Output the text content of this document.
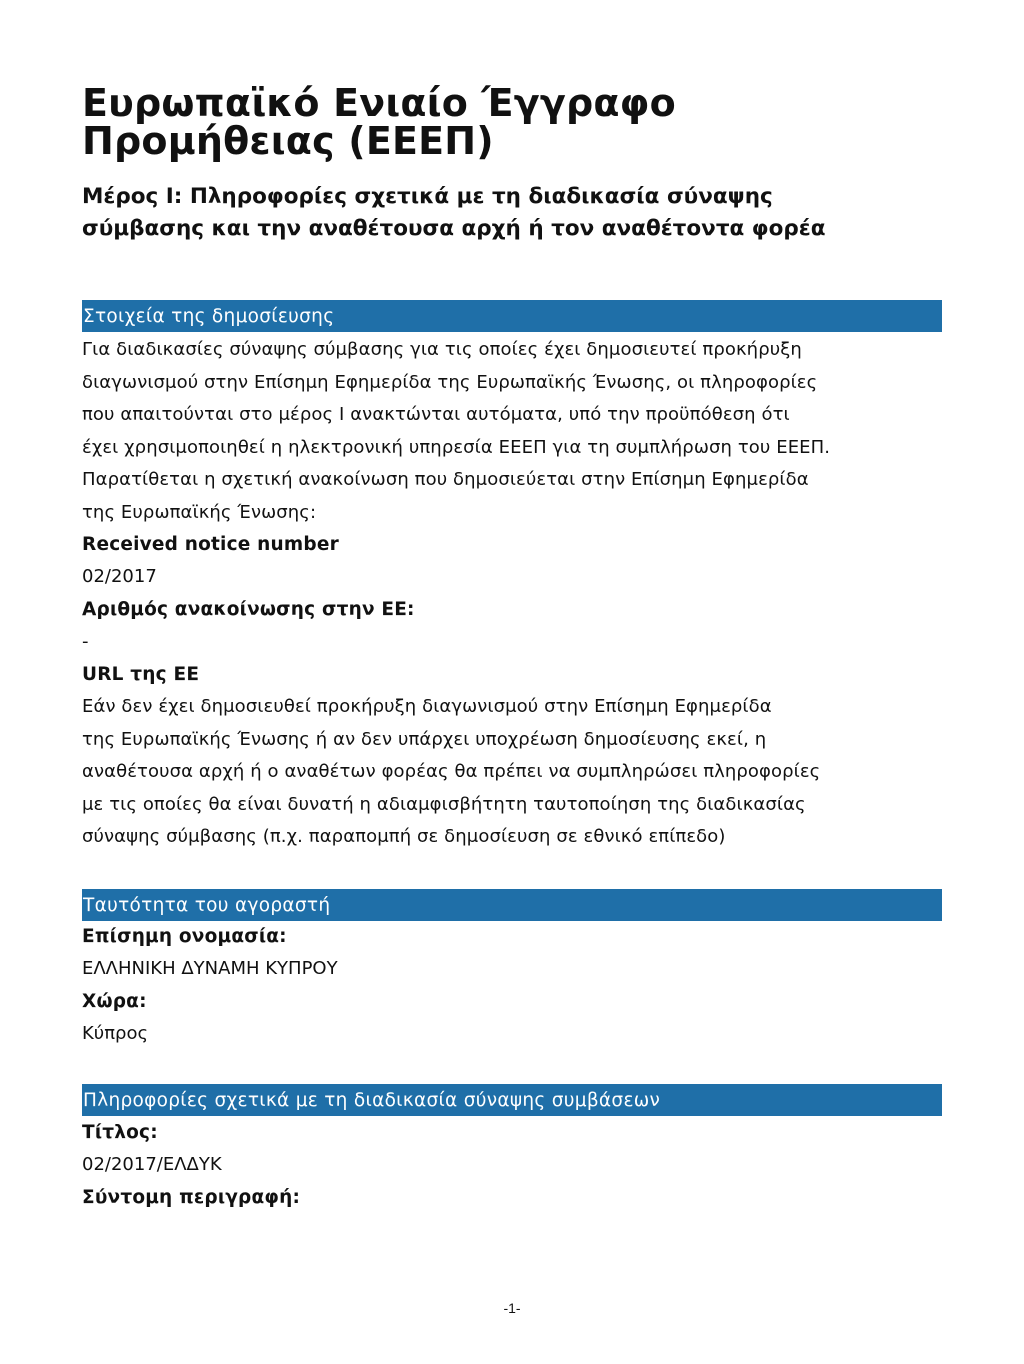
Ευρωπαϊκό Ενιαίο Έγγραφο
Προμήθειας (ΕΕΕΠ)
Μέρος I: Πληροφορίες σχετικά με τη διαδικασία σύναψης
σύμβασης και την αναθέτουσα αρχή ή τον αναθέτοντα φορέα
Στοιχεία της δημοσίευσης
Για διαδικασίες σύναψης σύμβασης για τις οποίες έχει δημοσιευτεί προκήρυξη
διαγωνισμού στην Επίσημη Εφημερίδα της Ευρωπαϊκής Ένωσης, οι πληροφορίες
που απαιτούνται στο μέρος I ανακτώνται αυτόματα, υπό την προϋπόθεση ότι
έχει χρησιμοποιηθεί η ηλεκτρονική υπηρεσία ΕΕΕΠ για τη συμπλήρωση του ΕΕΕΠ.
Παρατίθεται η σχετική ανακοίνωση που δημοσιεύεται στην Επίσημη Εφημερίδα
της Ευρωπαϊκής Ένωσης:
Received notice number
02/2017
Αριθμός ανακοίνωσης στην ΕΕ:
-
URL της ΕΕ
Εάν δεν έχει δημοσιευθεί προκήρυξη διαγωνισμού στην Επίσημη Εφημερίδα
της Ευρωπαϊκής Ένωσης ή αν δεν υπάρχει υποχρέωση δημοσίευσης εκεί, η
αναθέτουσα αρχή ή ο αναθέτων φορέας θα πρέπει να συμπληρώσει πληροφορίες
με τις οποίες θα είναι δυνατή η αδιαμφισβήτητη ταυτοποίηση της διαδικασίας
σύναψης σύμβασης (π.χ. παραπομπή σε δημοσίευση σε εθνικό επίπεδο)
Ταυτότητα του αγοραστή
Επίσημη ονομασία:
ΕΛΛΗΝΙΚΗ ΔΥΝΑΜΗ ΚΥΠΡΟΥ
Χώρα:
Κύπρος
Πληροφορίες σχετικά με τη διαδικασία σύναψης συμβάσεων
Τίτλος:
02/2017/ΕΛΔΥΚ
Σύντομη περιγραφή:
-1-
